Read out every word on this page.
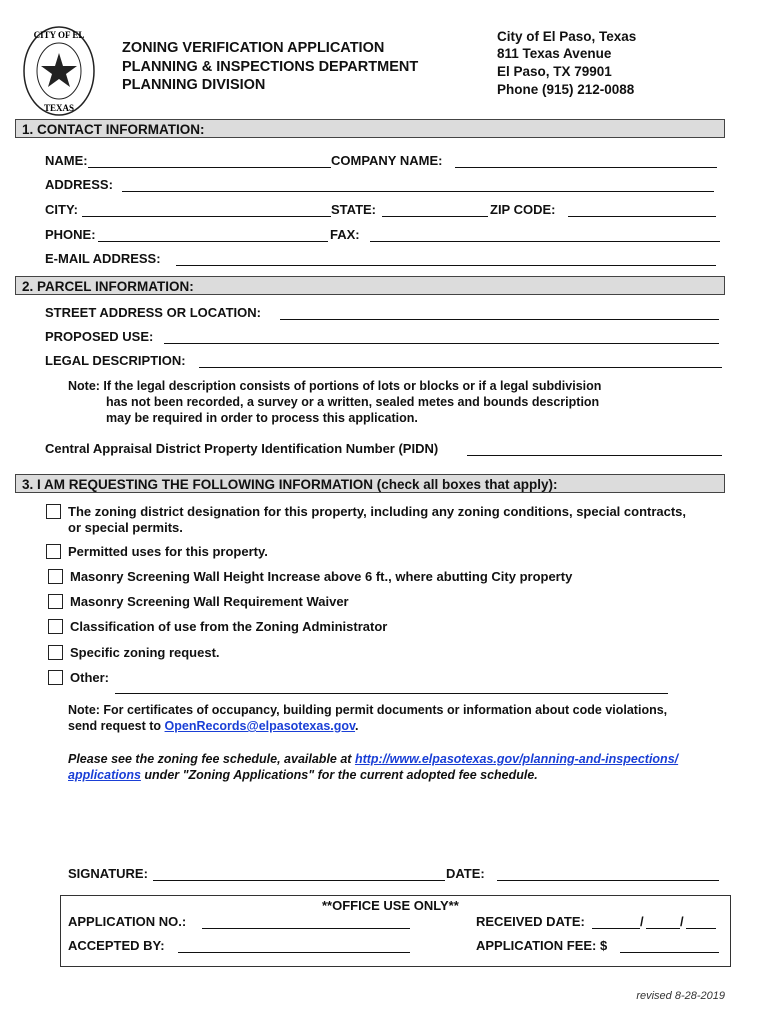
CITY OF EL
TEXAS
ZONING VERIFICATION APPLICATION
PLANNING & INSPECTIONS DEPARTMENT
PLANNING DIVISION
City of El Paso, Texas
811 Texas Avenue
El Paso, TX 79901
Phone (915) 212-0088
1. CONTACT INFORMATION:
NAME:	COMPANY NAME:
ADDRESS:
CITY:	STATE:	ZIP CODE:
PHONE:	FAX:
E-MAIL ADDRESS:
2. PARCEL INFORMATION:
STREET ADDRESS OR LOCATION:
PROPOSED USE:
LEGAL DESCRIPTION:
Note: If the legal description consists of portions of lots or blocks or if a legal subdivision
has not been recorded, a survey or a written, sealed metes and bounds description
may be required in order to process this application.
Central Appraisal District Property Identification Number (PIDN)
3. I AM REQUESTING THE FOLLOWING INFORMATION (check all boxes that apply):
The zoning district designation for this property, including any zoning conditions, special contracts,
or special permits.
Permitted uses for this property.
Masonry Screening Wall Height Increase above 6 ft., where abutting City property
Masonry Screening Wall Requirement Waiver
Classification of use from the Zoning Administrator
Specific zoning request.
Other:
Note: For certificates of occupancy, building permit documents or information about code violations,
send request to OpenRecords@elpasotexas.gov.
Please see the zoning fee schedule, available at http://www.elpasotexas.gov/planning-and-inspections/
applications under "Zoning Applications" for the current adopted fee schedule.
SIGNATURE:	DATE:
**OFFICE USE ONLY**
APPLICATION NO.:	RECEIVED DATE:	/	/
ACCEPTED BY:	APPLICATION FEE: $
revised 8-28-2019
